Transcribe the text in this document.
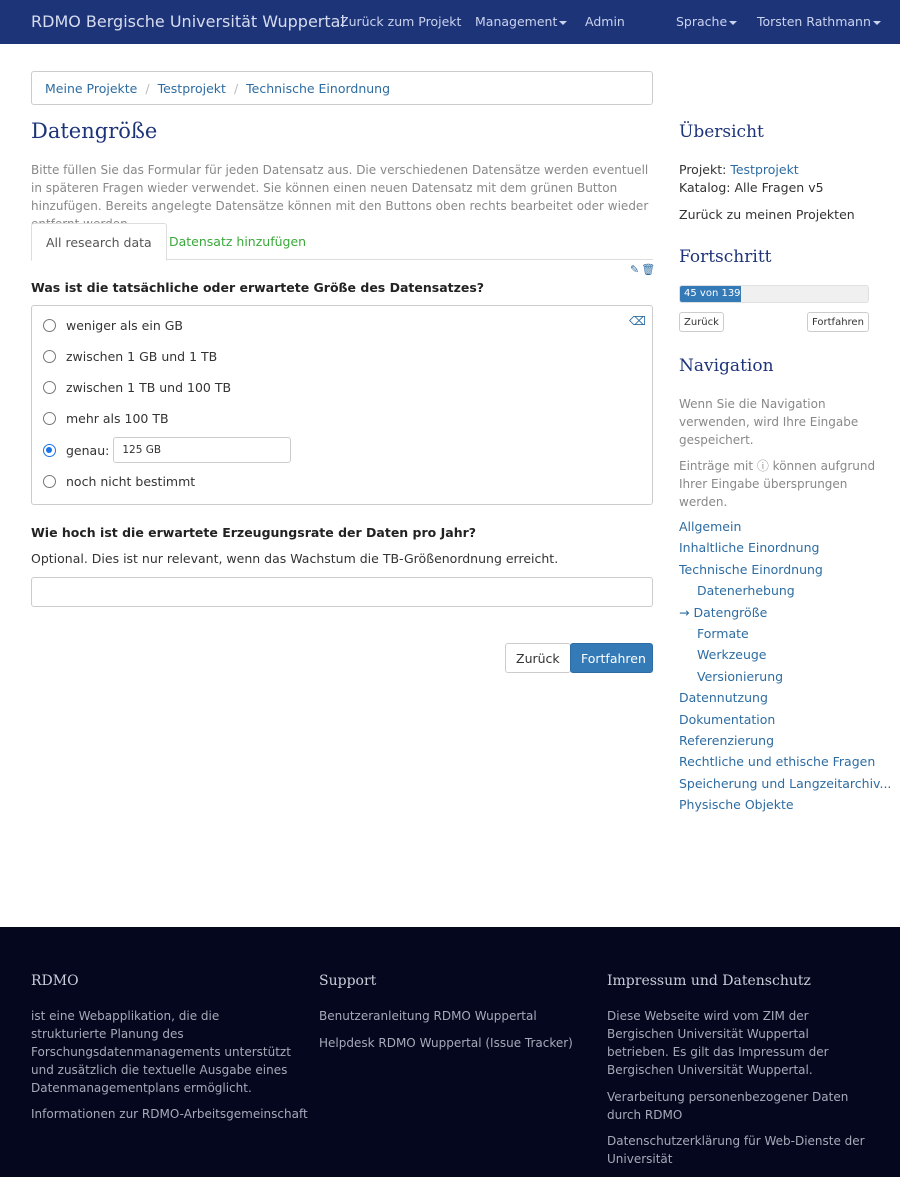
RDMO Bergische Universität Wuppertal
Zurück zum Projekt Management	Admin	Sprache	Torsten Rathmann
Meine Projekte / Testprojekt / Technische Einordnung
Datengröße

Bitte füllen Sie das Formular für jeden Datensatz aus. Die verschiedenen Datensätze werden eventuell in späteren Fragen wieder verwendet. Sie können einen neuen Datensatz mit dem grünen Button hinzufügen. Bereits angelegte Datensätze können mit den Buttons oben rechts bearbeitet oder wieder

All research data	Datensatz hinzufügen
✎ 🗑
Was ist die tatsächliche oder erwartete Größe des Datensatzes?
⌫
weniger als ein GB
zwischen 1 GB und 1 TB
zwischen 1 TB und 100 TB
mehr als 100 TB
genau:
125 GB
noch nicht bestimmt
Wie hoch ist die erwartete Erzeugungsrate der Daten pro Jahr?
Optional. Dies ist nur relevant, wenn das Wachstum die TB-Größenordnung erreicht.
Zurück	Fortfahren
Übersicht
Projekt: Testprojekt
Katalog: Alle Fragen v5
Zurück zu meinen Projekten
Fortschritt
45 von 139
Zurück	Fortfahren
Navigation

Wenn Sie die Navigation verwenden, wird Ihre Eingabe gespeichert.

Einträge mit ⓘ können aufgrund Ihrer Eingabe übersprungen werden.

Allgemein
Inhaltliche Einordnung
Technische Einordnung
Datenerhebung
→ Datengröße
Formate
Werkzeuge
Versionierung
Datennutzung
Dokumentation
Referenzierung
Rechtliche und ethische Fragen
Speicherung und Langzeitarchiv...
Physische Objekte
RDMO

ist eine Webapplikation, die die strukturierte Planung des Forschungsdatenmanagements unterstützt und zusätzlich die textuelle Ausgabe eines Datenmanagementplans ermöglicht.

Informationen zur RDMO-Arbeitsgemeinschaft
Support
Benutzeranleitung RDMO Wuppertal
Helpdesk RDMO Wuppertal (Issue Tracker)
Impressum und Datenschutz

Diese Webseite wird vom ZIM der Bergischen Universität Wuppertal betrieben. Es gilt das Impressum der Bergischen Universität Wuppertal.

Verarbeitung personenbezogener Daten durch RDMO
Datenschutzerklärung für Web-Dienste der Universität
